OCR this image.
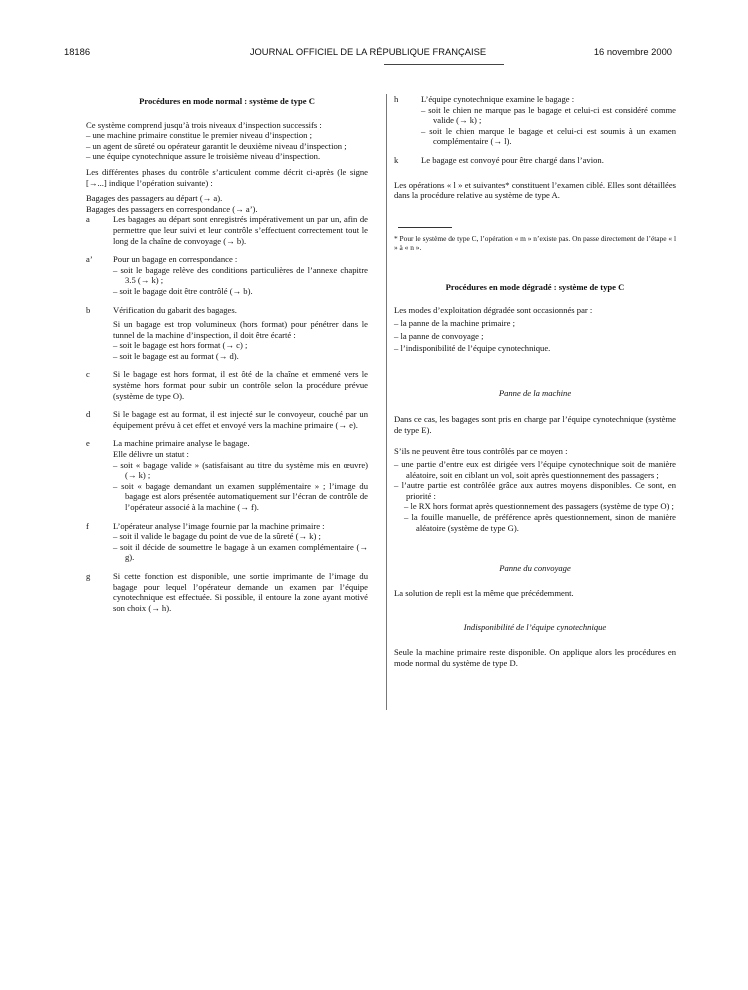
18186	JOURNAL OFFICIEL DE LA RÉPUBLIQUE FRANÇAISE	16 novembre 2000
Procédures en mode normal : système de type C

Ce système comprend jusqu’à trois niveaux d’inspection successifs :

– une machine primaire constitue le premier niveau d’inspection ;

– un agent de sûreté ou opérateur garantit le deuxième niveau d’inspection ;

– une équipe cynotechnique assure le troisième niveau d’inspection.

Les différentes phases du contrôle s’articulent comme décrit ci-après (le signe [→...] indique l’opération suivante) :

Bagages des passagers au départ (→ a).

Bagages des passagers en correspondance (→ a’).

a	Les bagages au départ sont enregistrés impérativement un par un, afin de permettre que leur suivi et leur contrôle s’effectuent correctement tout le long de la chaîne de convoyage (→ b).

a’ Pour un bagage en correspondance :

– soit le bagage relève des conditions particulières de l’annexe chapitre 3.5 (→ k) ;

– soit le bagage doit être contrôlé (→ b).

b	Vérification du gabarit des bagages.

Si un bagage est trop volumineux (hors format) pour pénétrer dans le tunnel de la machine d’inspection, il doit être écarté :

– soit le bagage est hors format (→ c) ;

– soit le bagage est au format (→ d).

c	Si le bagage est hors format, il est ôté de la chaîne et emmené vers le système hors format pour subir un contrôle selon la procédure prévue (système de type O).

d	Si le bagage est au format, il est injecté sur le convoyeur, couché par un équipement prévu à cet effet et envoyé vers la machine primaire (→ e).

e	La machine primaire analyse le bagage.

Elle délivre un statut :

– soit « bagage valide » (satisfaisant au titre du système mis en œuvre) (→ k) ;

– soit « bagage demandant un examen supplémentaire » ; l’image du bagage est alors présentée automatiquement sur l’écran de contrôle de l’opérateur associé à la machine (→ f).

f	L’opérateur analyse l’image fournie par la machine primaire :

– soit il valide le bagage du point de vue de la sûreté (→ k) ;

– soit il décide de soumettre le bagage à un examen complémentaire (→ g).

g	Si cette fonction est disponible, une sortie imprimante de l’image du bagage pour lequel l’opérateur demande un examen par l’équipe cynotechnique est effectuée. Si possible, il entoure la zone ayant motivé son choix (→ h).

h	L’équipe cynotechnique examine le bagage :

– soit le chien ne marque pas le bagage et celui-ci est considéré comme valide (→ k) ;

– soit le chien marque le bagage et celui-ci est soumis à un examen complémentaire (→ l).

k	Le bagage est convoyé pour être chargé dans l’avion.

Les opérations « l » et suivantes* constituent l’examen ciblé. Elles sont détaillées dans la procédure relative au système de type A.

* Pour le système de type C, l’opération « m » n’existe pas. On passe directement de l’étape « l » à « n ».

Procédures en mode dégradé : système de type C

Les modes d’exploitation dégradée sont occasionnés par :

– la panne de la machine primaire ;

– la panne de convoyage ;

– l’indisponibilité de l’équipe cynotechnique.

Panne de la machine

Dans ce cas, les bagages sont pris en charge par l’équipe cynotechnique (système de type E).

S’ils ne peuvent être tous contrôlés par ce moyen :

– une partie d’entre eux est dirigée vers l’équipe cynotechnique soit de manière aléatoire, soit en ciblant un vol, soit après questionnement des passagers ;

– l’autre partie est contrôlée grâce aux autres moyens disponibles. Ce sont, en priorité :

– le RX hors format après questionnement des passagers (système de type O) ;

– la fouille manuelle, de préférence après questionnement, sinon de manière aléatoire (système de type G).

Panne du convoyage

La solution de repli est la même que précédemment.

Indisponibilité de l’équipe cynotechnique

Seule la machine primaire reste disponible. On applique alors les procédures en mode normal du système de type D.
